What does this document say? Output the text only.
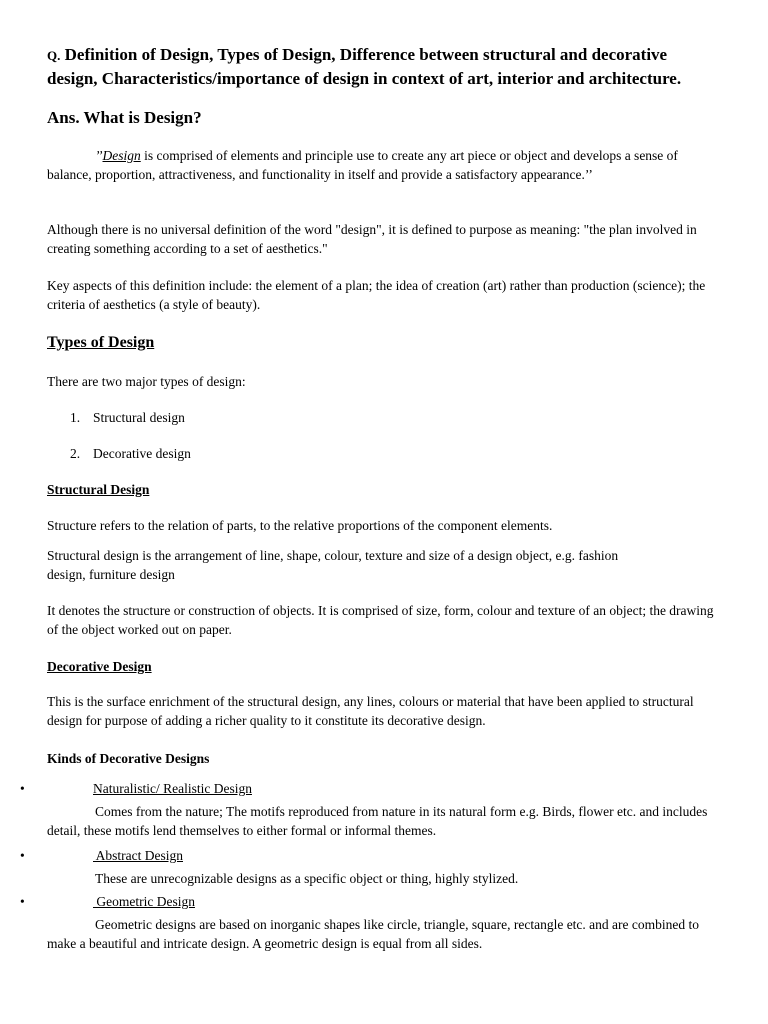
Q. Definition of Design, Types of Design, Difference between structural and decorative design, Characteristics/importance of design in context of art, interior and architecture.

Ans. What is Design?

’’Design is comprised of elements and principle use to create any art piece or object and develops a sense of balance, proportion, attractiveness, and functionality in itself and provide a satisfactory appearance.’’

Although there is no universal definition of the word "design", it is defined to purpose as meaning: "the plan involved in creating something according to a set of aesthetics."

Key aspects of this definition include: the element of a plan; the idea of creation (art) rather than production (science); the criteria of aesthetics (a style of beauty).

Types of Design

There are two major types of design:

1. Structural design
2. Decorative design

Structural Design

Structure refers to the relation of parts, to the relative proportions of the component elements.

Structural design is the arrangement of line, shape, colour, texture and size of a design object, e.g. fashion design, furniture design

It denotes the structure or construction of objects. It is comprised of size, form, colour and texture of an object; the drawing of the object worked out on paper.

Decorative Design

This is the surface enrichment of the structural design, any lines, colours or material that have been applied to structural design for purpose of adding a richer quality to it constitute its decorative design.

Kinds of Decorative Designs

•	Naturalistic/ Realistic Design

Comes from the nature; The motifs reproduced from nature in its natural form e.g. Birds, flower etc. and includes detail, these motifs lend themselves to either formal or informal themes.

•	Abstract Design

These are unrecognizable designs as a specific object or thing, highly stylized.

•	Geometric Design

Geometric designs are based on inorganic shapes like circle, triangle, square, rectangle etc. and are combined to make a beautiful and intricate design. A geometric design is equal from all sides.
